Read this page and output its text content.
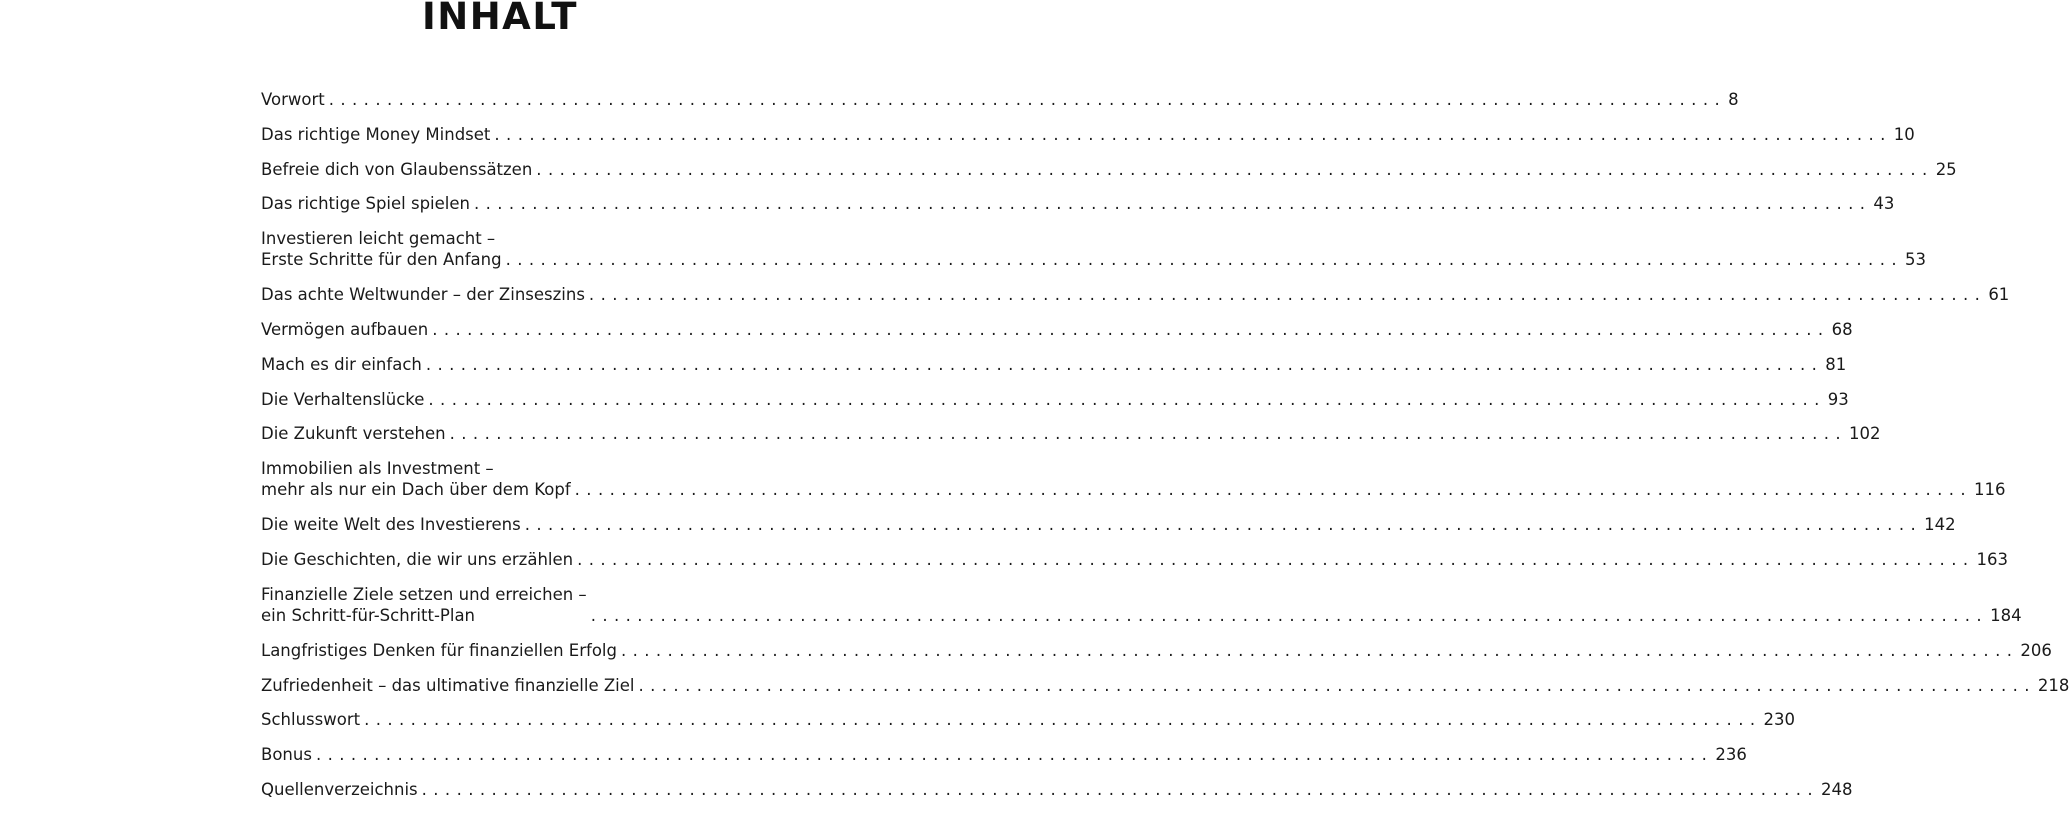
INHALT
Vorwort ........................................................................................................................ 8
Das richtige Money Mindset ........................................................................................................................ 10
Befreie dich von Glaubenssätzen ........................................................................................................................ 25
Das richtige Spiel spielen ........................................................................................................................ 43
Investieren leicht gemacht –
Erste Schritte für den Anfang ........................................................................................................................ 53
Das achte Weltwunder – der Zinseszins ........................................................................................................................ 61
Vermögen aufbauen ........................................................................................................................ 68
Mach es dir einfach ........................................................................................................................ 81
Die Verhaltenslücke ........................................................................................................................ 93
Die Zukunft verstehen ........................................................................................................................ 102
Immobilien als Investment –
mehr als nur ein Dach über dem Kopf ........................................................................................................................ 116
Die weite Welt des Investierens ........................................................................................................................ 142
Die Geschichten, die wir uns erzählen ........................................................................................................................ 163
Finanzielle Ziele setzen und erreichen –
ein Schritt-für-Schritt-Plan	........................................................................................................................ 184
Langfristiges Denken für finanziellen Erfolg ........................................................................................................................ 206
Zufriedenheit – das ultimative finanzielle Ziel ........................................................................................................................ 218
Schlusswort ........................................................................................................................ 230
Bonus ........................................................................................................................ 236
Quellenverzeichnis ........................................................................................................................ 248
